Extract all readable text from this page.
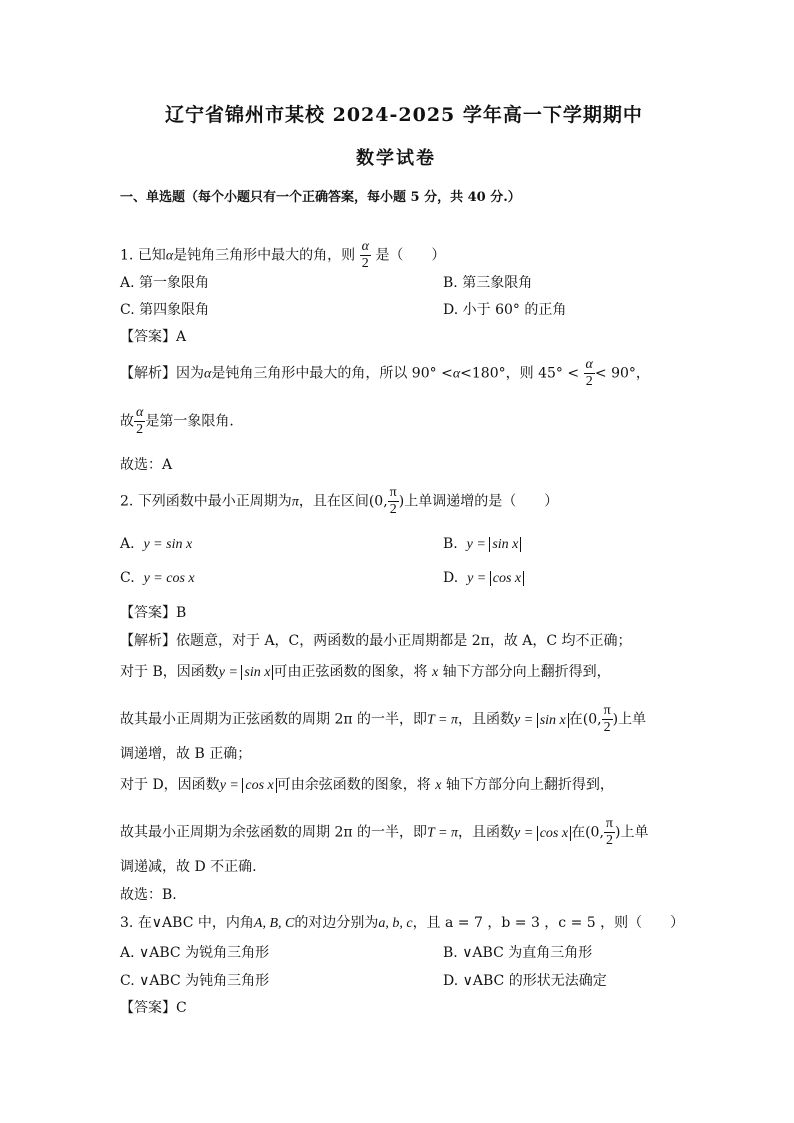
辽宁省锦州市某校 2024-2025 学年高一下学期期中
数学试卷
一、单选题（每个小题只有一个正确答案，每小题 5 分，共 40 分.）
1. 已知α是钝角三角形中最大的角，则 $\frac{\alpha}{2}$ 是（　　）
A. 第一象限角	B. 第三象限角
C. 第四象限角	D. 小于 60° 的正角
【答案】A
【解析】因为α是钝角三角形中最大的角，所以 90° <α<180°，则 $45^\circ < \frac{\alpha}{2} < 90^\circ$，
故 $\frac{\alpha}{2}$ 是第一象限角．
故选：A
2. 下列函数中最小正周期为π，且在区间(0, $\frac{\pi}{2}$ )上单调递增的是（　　）
A. y = sin x	B. y = sin x
C. y = cos x	D. y = cos x
【答案】B
【解析】依题意，对于 A，C，两函数的最小正周期都是 2π，故 A，C 均不正确；
对于 B，因函数y = sin x 可由正弦函数的图象，将 x 轴下方部分向上翻折得到，
故其最小正周期为正弦函数的周期 2π 的一半，即T = π，且函数y = sin x 在(0, $\frac{\pi}{2}$ )上单
调递增，故 B 正确；
对于 D，因函数y = cos x 可由余弦函数的图象，将 x 轴下方部分向上翻折得到，
故其最小正周期为余弦函数的周期 2π 的一半，即T = π，且函数y = cos x 在(0, $\frac{\pi}{2}$ )上单
调递减，故 D 不正确.
故选：B.
3. 在∨ABC 中，内角A, B, C的对边分别为a, b, c，且 a = 7 ，b = 3 ，c = 5 ，则（　　）
A. ∨ABC 为锐角三角形	B. ∨ABC 为直角三角形
C. ∨ABC 为钝角三角形	D. ∨ABC 的形状无法确定
【答案】C
